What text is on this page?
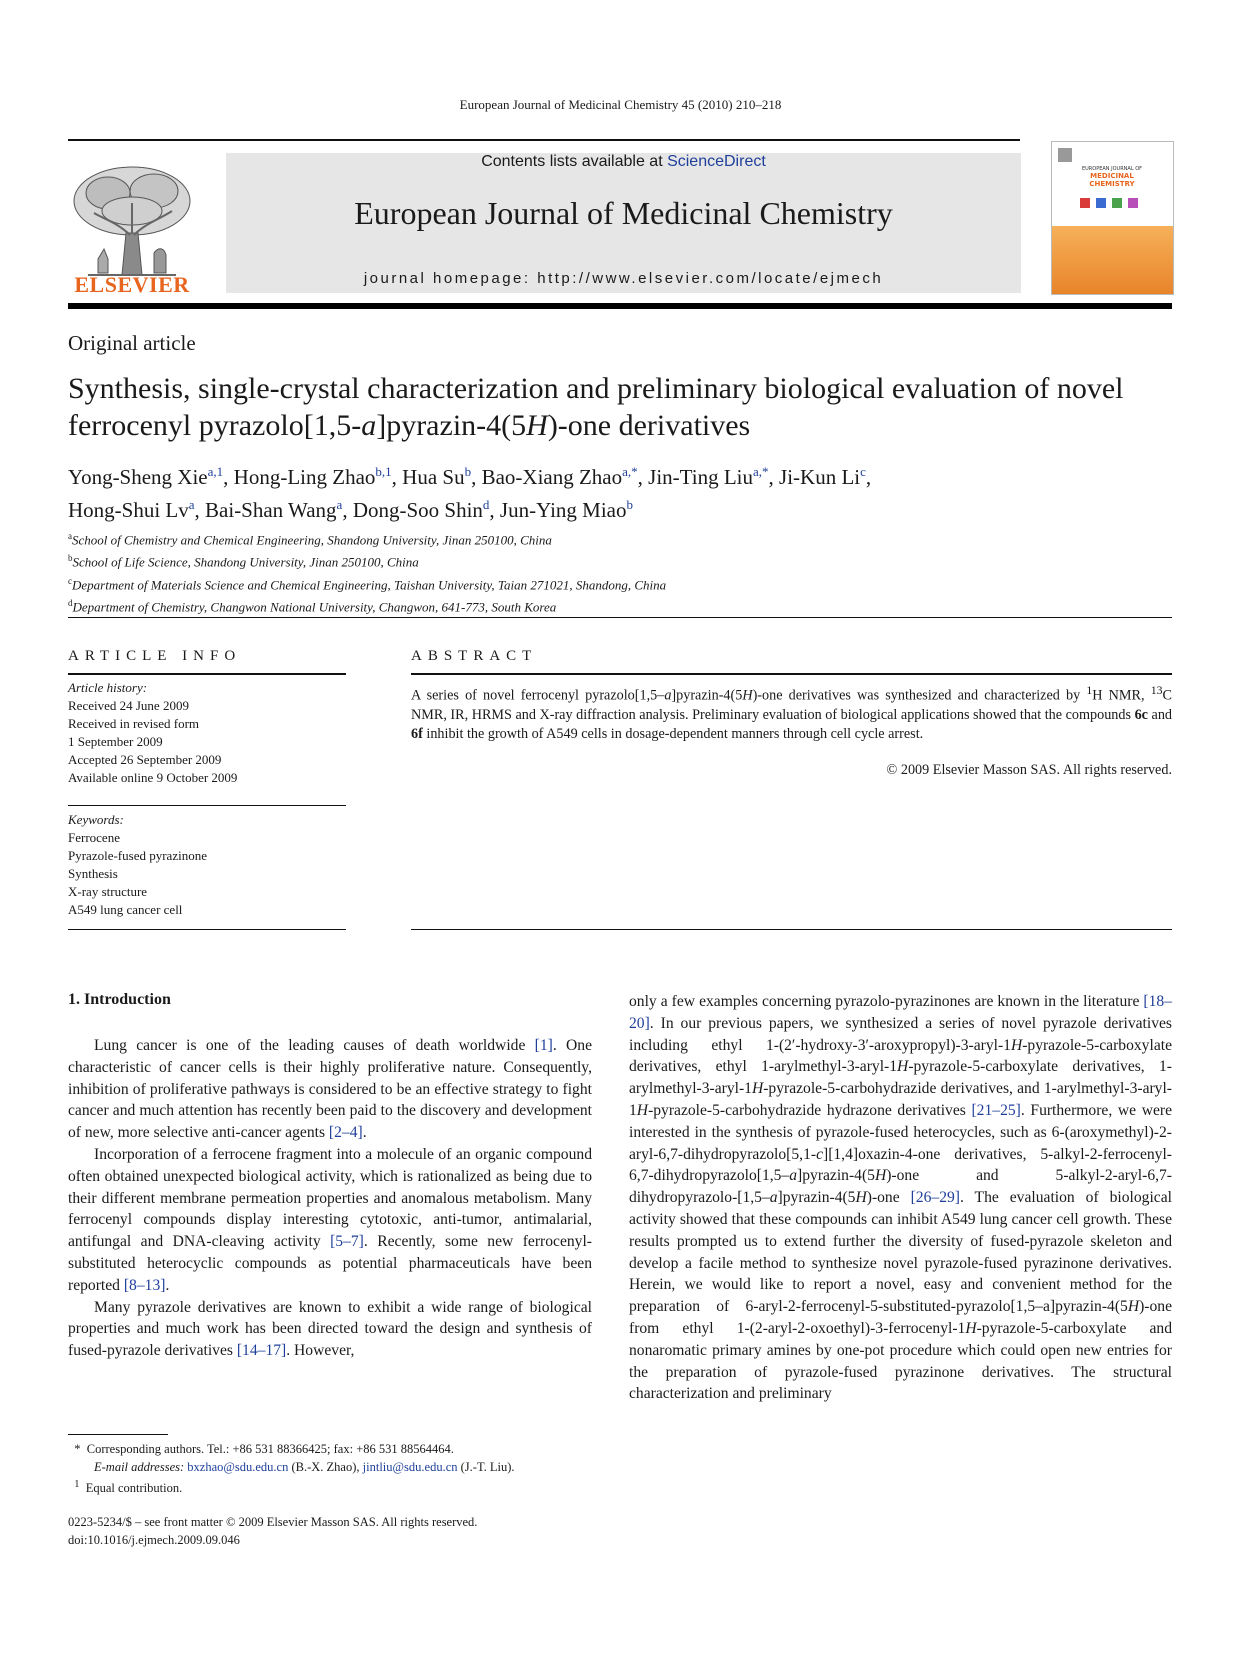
European Journal of Medicinal Chemistry 45 (2010) 210–218
ELSEVIER
Contents lists available at ScienceDirect
European Journal of Medicinal Chemistry
journal homepage: http://www.elsevier.com/locate/ejmech
EUROPEAN JOURNAL OF
MEDICINAL
CHEMISTRY
Original article
Synthesis, single-crystal characterization and preliminary biological evaluation of novel ferrocenyl pyrazolo[1,5-a]pyrazin-4(5H)-one derivatives
Yong-Sheng Xie$^{a,1}$, Hong-Ling Zhao$^{b,1}$, Hua Su$^b$, Bao-Xiang Zhao$^{a,*}$, Jin-Ting Liu$^{a,*}$, Ji-Kun Li$^c$,
Hong-Shui Lv$^a$, Bai-Shan Wang$^a$, Dong-Soo Shin$^d$, Jun-Ying Miao$^b$
$^a$School of Chemistry and Chemical Engineering, Shandong University, Jinan 250100, China
$^b$School of Life Science, Shandong University, Jinan 250100, China
$^c$Department of Materials Science and Chemical Engineering, Taishan University, Taian 271021, Shandong, China
$^d$Department of Chemistry, Changwon National University, Changwon, 641-773, South Korea
ARTICLE INFO	ABSTRACT
Article history:
Received 24 June 2009
Received in revised form
1 September 2009
Accepted 26 September 2009
Available online 9 October 2009
Keywords:
Ferrocene
Pyrazole-fused pyrazinone
Synthesis
X-ray structure
A549 lung cancer cell
A series of novel ferrocenyl pyrazolo[1,5–a]pyrazin-4(5H)-one derivatives was synthesized and characterized by $^1$H NMR, $^{13}$C NMR, IR, HRMS and X-ray diffraction analysis. Preliminary evaluation of biological applications showed that the compounds 6c and 6f inhibit the growth of A549 cells in dosage-dependent manners through cell cycle arrest.
© 2009 Elsevier Masson SAS. All rights reserved.
1. Introduction

Lung cancer is one of the leading causes of death worldwide [1]. One characteristic of cancer cells is their highly proliferative nature. Consequently, inhibition of proliferative pathways is considered to be an effective strategy to fight cancer and much attention has recently been paid to the discovery and development of new, more selective anti-cancer agents [2–4].

Incorporation of a ferrocene fragment into a molecule of an organic compound often obtained unexpected biological activity, which is rationalized as being due to their different membrane permeation properties and anomalous metabolism. Many ferrocenyl compounds display interesting cytotoxic, anti-tumor, antimalarial, antifungal and DNA-cleaving activity [5–7]. Recently, some new ferrocenyl-substituted heterocyclic compounds as potential pharmaceuticals have been reported [8–13].

Many pyrazole derivatives are known to exhibit a wide range of biological properties and much work has been directed toward the design and synthesis of fused-pyrazole derivatives [14–17]. However,

only a few examples concerning pyrazolo-pyrazinones are known in the literature [18–20]. In our previous papers, we synthesized a series of novel pyrazole derivatives including ethyl 1-(2′-hydroxy-3′-aroxypropyl)-3-aryl-1H-pyrazole-5-carboxylate derivatives, ethyl 1-arylmethyl-3-aryl-1H-pyrazole-5-carboxylate derivatives, 1-arylmethyl-3-aryl-1H-pyrazole-5-carbohydrazide derivatives, and 1-arylmethyl-3-aryl-1H-pyrazole-5-carbohydrazide hydrazone derivatives [21–25]. Furthermore, we were interested in the synthesis of pyrazole-fused heterocycles, such as 6-(aroxymethyl)-2-aryl-6,7-dihydropyrazolo[5,1-c][1,4]oxazin-4-one derivatives, 5-alkyl-2-ferrocenyl-6,7-dihydropyrazolo[1,5–a]pyrazin-4(5H)-one and 5-alkyl-2-aryl-6,7-dihydropyrazolo-[1,5–a]pyrazin-4(5H)-one [26–29]. The evaluation of biological activity showed that these compounds can inhibit A549 lung cancer cell growth. These results prompted us to extend further the diversity of fused-pyrazole skeleton and develop a facile method to synthesize novel pyrazole-fused pyrazinone derivatives. Herein, we would like to report a novel, easy and convenient method for the preparation of 6-aryl-2-ferrocenyl-5-substituted-pyrazolo[1,5–a]pyrazin-4(5H)-one from ethyl 1-(2-aryl-2-oxoethyl)-3-ferrocenyl-1H-pyrazole-5-carboxylate and nonaromatic primary amines by one-pot procedure which could open new entries for the preparation of pyrazole-fused pyrazinone derivatives. The structural characterization and preliminary

* Corresponding authors. Tel.: +86 531 88366425; fax: +86 531 88564464.
E-mail addresses: bxzhao@sdu.edu.cn (B.-X. Zhao), jintliu@sdu.edu.cn (J.-T. Liu).
$^1$ Equal contribution.
0223-5234/$ – see front matter © 2009 Elsevier Masson SAS. All rights reserved.
doi:10.1016/j.ejmech.2009.09.046
